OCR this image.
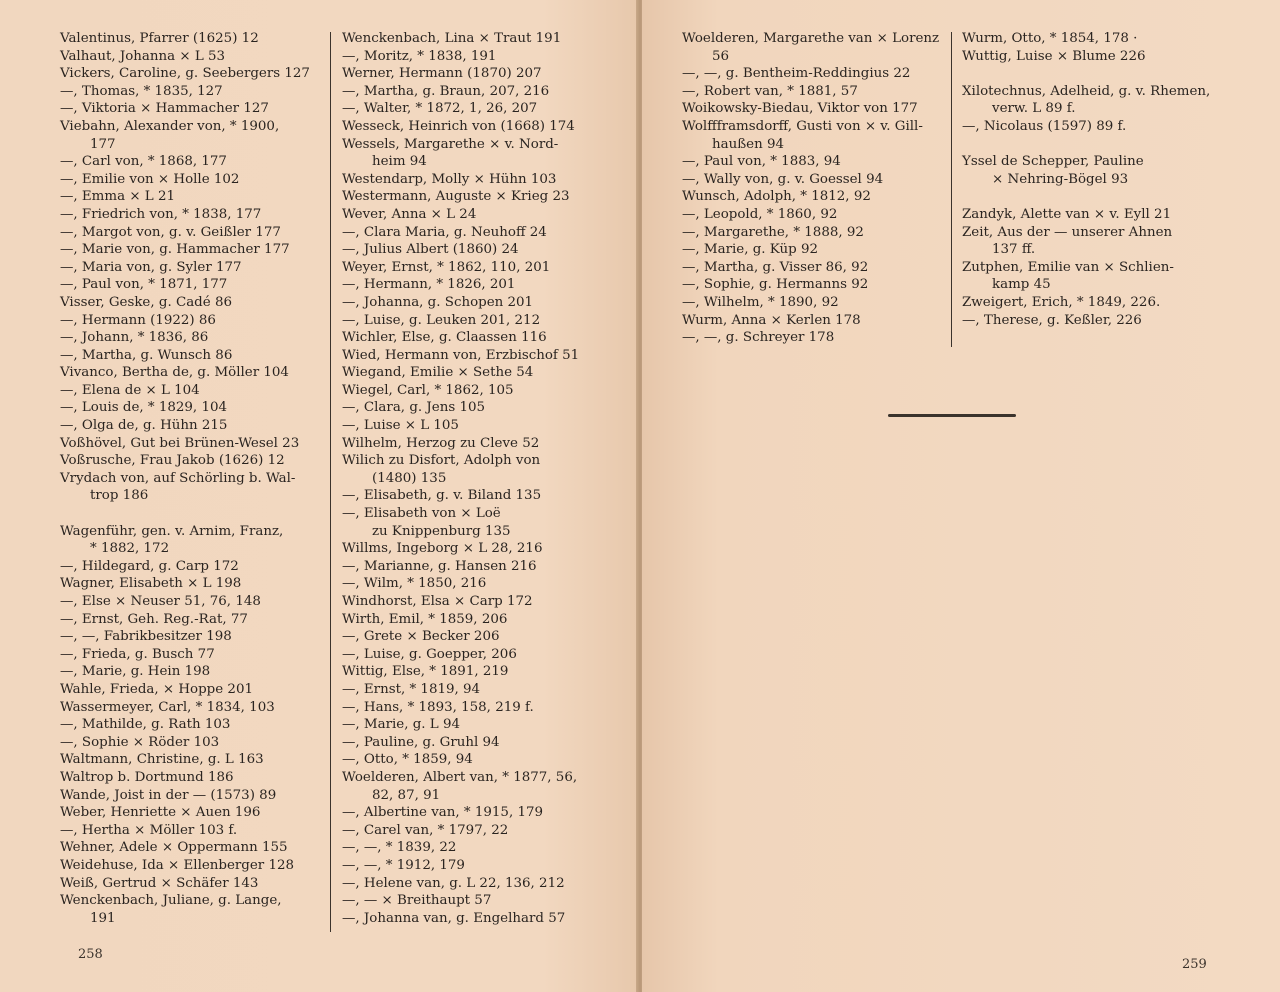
Valentinus, Pfarrer (1625) 12
Valhaut, Johanna × L 53
Vickers, Caroline, g. Seebergers 127
—, Thomas, * 1835, 127
—, Viktoria × Hammacher 127
Viebahn, Alexander von, * 1900,
177
—, Carl von, * 1868, 177
—, Emilie von × Holle 102
—, Emma × L 21
—, Friedrich von, * 1838, 177
—, Margot von, g. v. Geißler 177
—, Marie von, g. Hammacher 177
—, Maria von, g. Syler 177
—, Paul von, * 1871, 177
Visser, Geske, g. Cadé 86
—, Hermann (1922) 86
—, Johann, * 1836, 86
—, Martha, g. Wunsch 86
Vivanco, Bertha de, g. Möller 104
—, Elena de × L 104
—, Louis de, * 1829, 104
—, Olga de, g. Hühn 215
Voßhövel, Gut bei Brünen-Wesel 23
Voßrusche, Frau Jakob (1626) 12
Vrydach von, auf Schörling b. Wal-
trop 186
Wagenführ, gen. v. Arnim, Franz,
* 1882, 172
—, Hildegard, g. Carp 172
Wagner, Elisabeth × L 198
—, Else × Neuser 51, 76, 148
—, Ernst, Geh. Reg.-Rat, 77
—, —, Fabrikbesitzer 198
—, Frieda, g. Busch 77
—, Marie, g. Hein 198
Wahle, Frieda, × Hoppe 201
Wassermeyer, Carl, * 1834, 103
—, Mathilde, g. Rath 103
—, Sophie × Röder 103
Waltmann, Christine, g. L 163
Waltrop b. Dortmund 186
Wande, Joist in der — (1573) 89
Weber, Henriette × Auen 196
—, Hertha × Möller 103 f.
Wehner, Adele × Oppermann 155
Weidehuse, Ida × Ellenberger 128
Weiß, Gertrud × Schäfer 143
Wenckenbach, Juliane, g. Lange,
191
Wenckenbach, Lina × Traut 191
—, Moritz, * 1838, 191
Werner, Hermann (1870) 207
—, Martha, g. Braun, 207, 216
—, Walter, * 1872, 1, 26, 207
Wesseck, Heinrich von (1668) 174
Wessels, Margarethe × v. Nord-
heim 94
Westendarp, Molly × Hühn 103
Westermann, Auguste × Krieg 23
Wever, Anna × L 24
—, Clara Maria, g. Neuhoff 24
—, Julius Albert (1860) 24
Weyer, Ernst, * 1862, 110, 201
—, Hermann, * 1826, 201
—, Johanna, g. Schopen 201
—, Luise, g. Leuken 201, 212
Wichler, Else, g. Claassen 116
Wied, Hermann von, Erzbischof 51
Wiegand, Emilie × Sethe 54
Wiegel, Carl, * 1862, 105
—, Clara, g. Jens 105
—, Luise × L 105
Wilhelm, Herzog zu Cleve 52
Wilich zu Disfort, Adolph von
(1480) 135
—, Elisabeth, g. v. Biland 135
—, Elisabeth von × Loë
zu Knippenburg 135
Willms, Ingeborg × L 28, 216
—, Marianne, g. Hansen 216
—, Wilm, * 1850, 216
Windhorst, Elsa × Carp 172
Wirth, Emil, * 1859, 206
—, Grete × Becker 206
—, Luise, g. Goepper, 206
Wittig, Else, * 1891, 219
—, Ernst, * 1819, 94
—, Hans, * 1893, 158, 219 f.
—, Marie, g. L 94
—, Pauline, g. Gruhl 94
—, Otto, * 1859, 94
Woelderen, Albert van, * 1877, 56,
82, 87, 91
—, Albertine van, * 1915, 179
—, Carel van, * 1797, 22
—, —, * 1839, 22
—, —, * 1912, 179
—, Helene van, g. L 22, 136, 212
—, — × Breithaupt 57
—, Johanna van, g. Engelhard 57
258
Woelderen, Margarethe van × Lorenz
56
—, —, g. Bentheim-Reddingius 22
—, Robert van, * 1881, 57
Woikowsky-Biedau, Viktor von 177
Wolffframsdorff, Gusti von × v. Gill-
haußen 94
—, Paul von, * 1883, 94
—, Wally von, g. v. Goessel 94
Wunsch, Adolph, * 1812, 92
—, Leopold, * 1860, 92
—, Margarethe, * 1888, 92
—, Marie, g. Küp 92
—, Martha, g. Visser 86, 92
—, Sophie, g. Hermanns 92
—, Wilhelm, * 1890, 92
Wurm, Anna × Kerlen 178
—, —, g. Schreyer 178
Wurm, Otto, * 1854, 178 ·
Wuttig, Luise × Blume 226
Xilotechnus, Adelheid, g. v. Rhemen,
verw. L 89 f.
—, Nicolaus (1597) 89 f.
Yssel de Schepper, Pauline
× Nehring-Bögel 93
Zandyk, Alette van × v. Eyll 21
Zeit, Aus der — unserer Ahnen
137 ff.
Zutphen, Emilie van × Schlien-
kamp 45
Zweigert, Erich, * 1849, 226.
—, Therese, g. Keßler, 226
259
